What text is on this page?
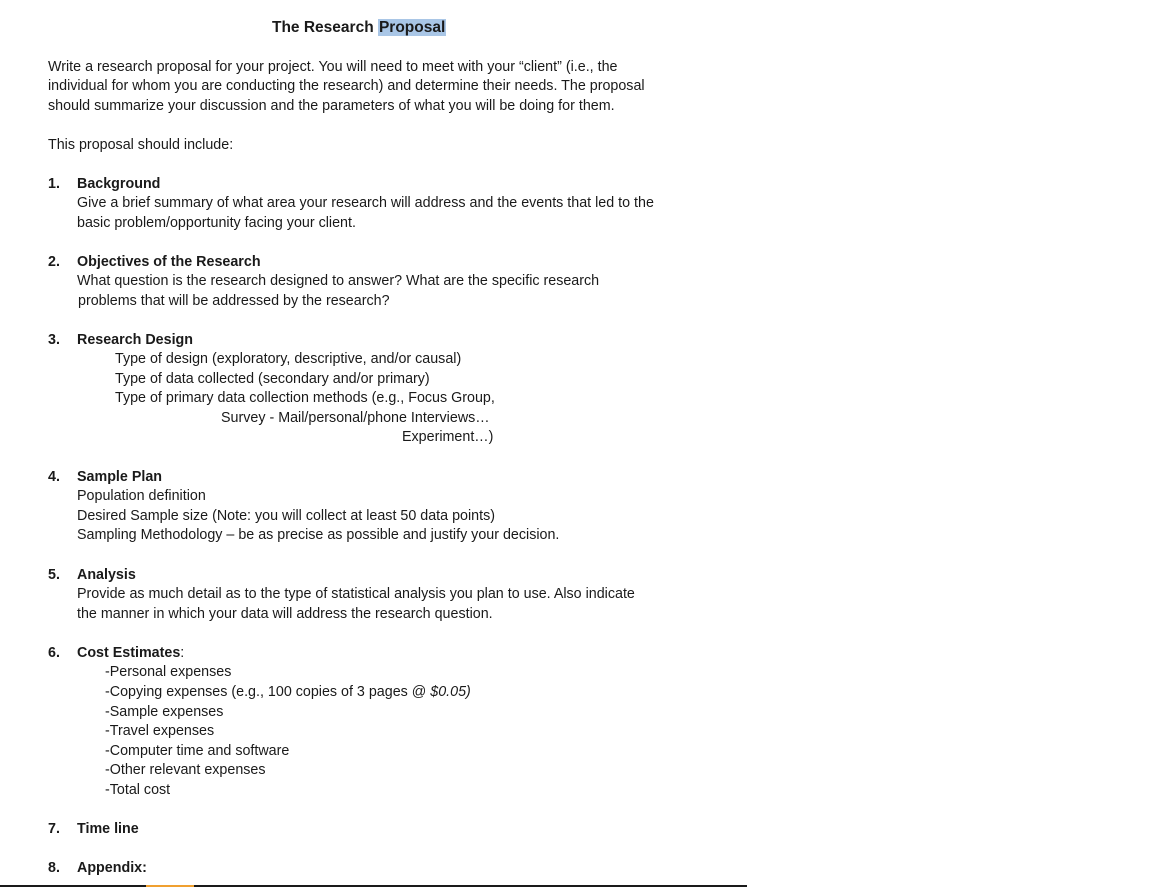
The Research Proposal
Write a research proposal for your project. You will need to meet with your “client” (i.e., the
individual for whom you are conducting the research) and determine their needs. The proposal
should summarize your discussion and the parameters of what you will be doing for them.
This proposal should include:
1. Background
Give a brief summary of what area your research will address and the events that led to the
basic problem/opportunity facing your client.
2. Objectives of the Research
What question is the research designed to answer? What are the specific research
problems that will be addressed by the research?
3. Research Design
Type of design (exploratory, descriptive, and/or causal)
Type of data collected (secondary and/or primary)
Type of primary data collection methods (e.g., Focus Group,
Survey - Mail/personal/phone Interviews…
Experiment…)
4. Sample Plan
Population definition
Desired Sample size (Note: you will collect at least 50 data points)
Sampling Methodology – be as precise as possible and justify your decision.
5. Analysis
Provide as much detail as to the type of statistical analysis you plan to use. Also indicate
the manner in which your data will address the research question.
6. Cost Estimates:
-Personal expenses
-Copying expenses (e.g., 100 copies of 3 pages @ $0.05)
-Sample expenses
-Travel expenses
-Computer time and software
-Other relevant expenses
-Total cost
7. Time line
8. Appendix:
